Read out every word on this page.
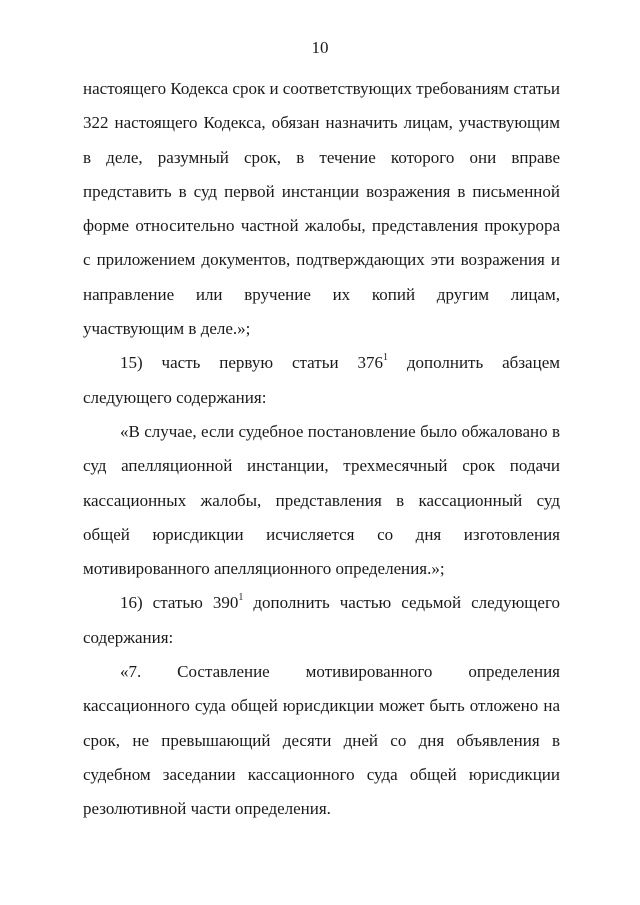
10

настоящего Кодекса срок и соответствующих требованиям статьи 322 настоящего Кодекса, обязан назначить лицам, участвующим в деле, разумный срок, в течение которого они вправе представить в суд первой инстанции возражения в письменной форме относительно частной жалобы, представления прокурора с приложением документов, подтверждающих эти возражения и направление или вручение их копий другим лицам, участвующим в деле.»;

15) часть первую статьи $376^1$ дополнить абзацем следующего содержания:

«В случае, если судебное постановление было обжаловано в суд апелляционной инстанции, трехмесячный срок подачи кассационных жалобы, представления в кассационный суд общей юрисдикции исчисляется со дня изготовления мотивированного апелляционного определения.»;

16) статью $390^1$ дополнить частью седьмой следующего содержания:

«7. Составление мотивированного определения кассационного суда общей юрисдикции может быть отложено на срок, не превышающий десяти дней со дня объявления в судебном заседании кассационного суда общей юрисдикции резолютивной части определения.
